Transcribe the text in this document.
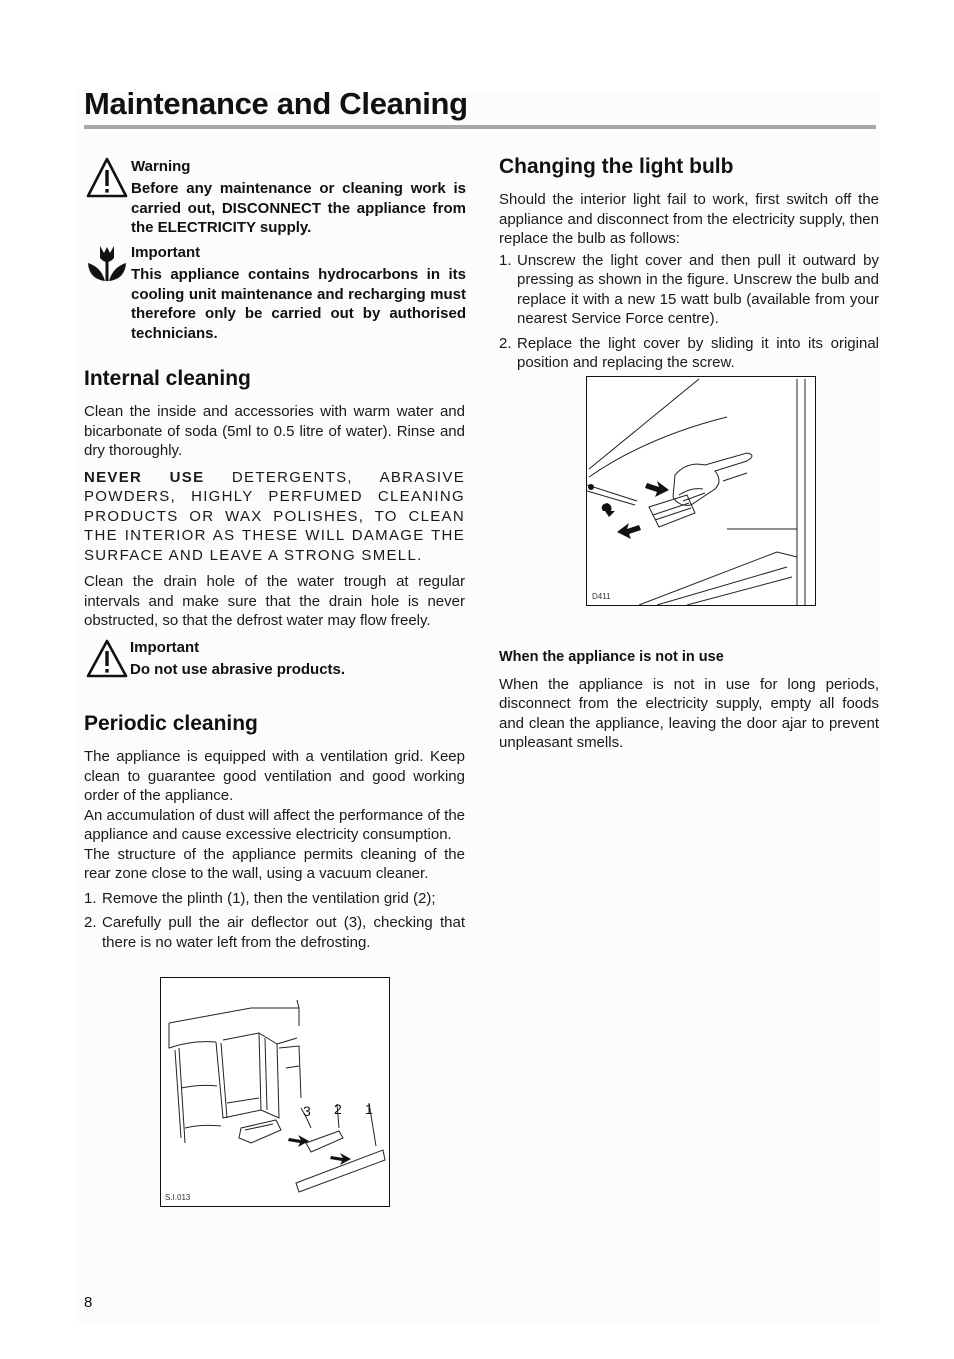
Maintenance and Cleaning
Warning
Before any maintenance or cleaning work is carried out, DISCONNECT the appliance from the ELECTRICITY supply.
Important
This appliance contains hydrocarbons in its cooling unit maintenance and recharging must therefore only be carried out by authorised technicians.
Internal cleaning

Clean the inside and accessories with warm water and bicarbonate of soda (5ml to 0.5 litre of water). Rinse and dry thoroughly.

NEVER USE DETERGENTS, ABRASIVE POWDERS, HIGHLY PERFUMED CLEANING PRODUCTS OR WAX POLISHES, TO CLEAN THE INTERIOR AS THESE WILL DAMAGE THE SURFACE AND LEAVE A STRONG SMELL.

Clean the drain hole of the water trough at regular intervals and make sure that the drain hole is never obstructed, so that the defrost water may flow freely.

Important
Do not use abrasive products.
Periodic cleaning
The appliance is equipped with a ventilation grid. Keep clean to guarantee good ventilation and good working order of the appliance.
An accumulation of dust will affect the performance of the appliance and cause excessive electricity consumption.
The structure of the appliance permits cleaning of the rear zone close to the wall, using a vacuum cleaner.
1. Remove the plinth (1), then the ventilation grid (2);
2. Carefully pull the air deflector out (3), checking that there is no water left from the defrosting.
3 2 1
S.I.013
Changing the light bulb
Should the interior light fail to work, first switch off the appliance and disconnect from the electricity supply, then replace the bulb as follows:
1. Unscrew the light cover and then pull it outward by pressing as shown in the figure. Unscrew the bulb and replace it with a new 15 watt bulb (available from your nearest Service Force centre).
2. Replace the light cover by sliding it into its original position and replacing the screw.
D411
When the appliance is not in use
When the appliance is not in use for long periods, disconnect from the electricity supply, empty all foods and clean the appliance, leaving the door ajar to prevent unpleasant smells.
8
